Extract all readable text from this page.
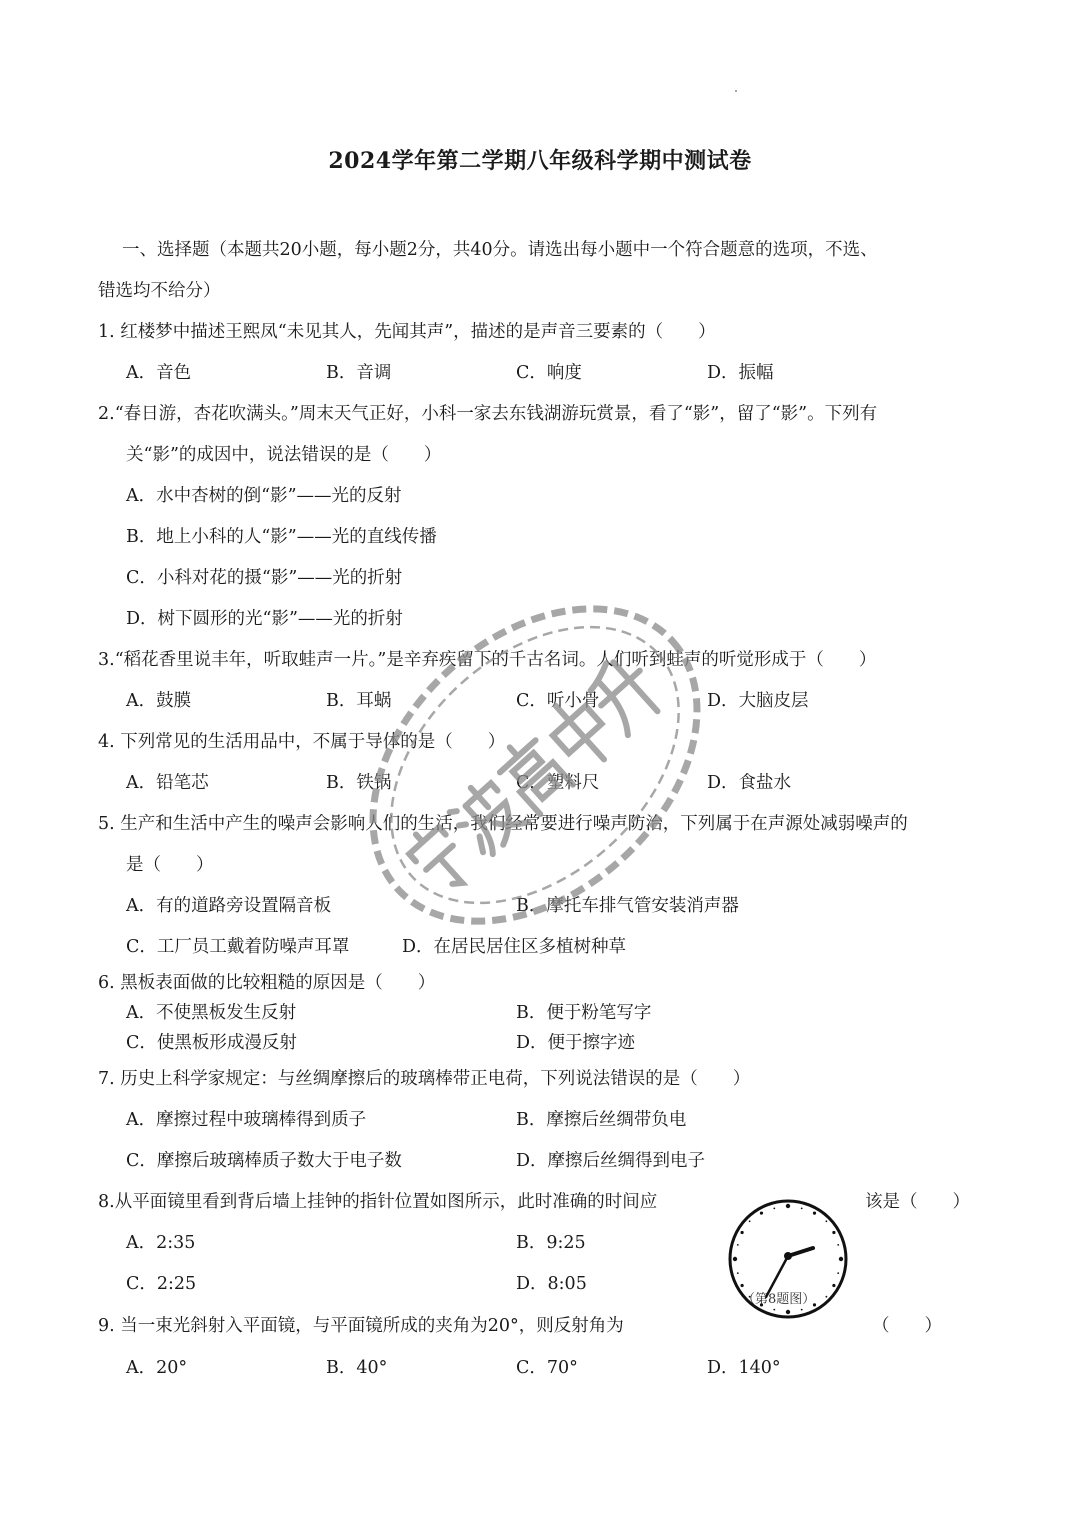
2024学年第二学期八年级科学期中测试卷
一、选择题（本题共20小题，每小题2分，共40分。请选出每小题中一个符合题意的选项，不选、
错选均不给分）
1. 红楼梦中描述王熙凤“未见其人，先闻其声”，描述的是声音三要素的（　　）
A．音色	B．音调	C．响度	D．振幅
2.“春日游，杏花吹满头。”周末天气正好，小科一家去东钱湖游玩赏景，看了“影”，留了“影”。下列有
关“影”的成因中，说法错误的是（　　）
A．水中杏树的倒“影”——光的反射
B．地上小科的人“影”——光的直线传播
C．小科对花的摄“影”——光的折射
D．树下圆形的光“影”——光的折射
3.“稻花香里说丰年，听取蛙声一片。”是辛弃疾留下的千古名词。人们听到蛙声的听觉形成于（　　）
A．鼓膜	B．耳蜗	C．听小骨	D．大脑皮层
4. 下列常见的生活用品中，不属于导体的是（　　）
A．铅笔芯	B．铁锅	C．塑料尺	D．食盐水
5. 生产和生活中产生的噪声会影响人们的生活，我们经常要进行噪声防治，下列属于在声源处减弱噪声的
是（　　）
A．有的道路旁设置隔音板	B．摩托车排气管安装消声器
C．工厂员工戴着防噪声耳罩	D．在居民居住区多植树种草
6. 黑板表面做的比较粗糙的原因是（　　）
A．不使黑板发生反射	B．便于粉笔写字
C．使黑板形成漫反射	D．便于擦字迹
7. 历史上科学家规定：与丝绸摩擦后的玻璃棒带正电荷，下列说法错误的是（　　）
A．摩擦过程中玻璃棒得到质子	B．摩擦后丝绸带负电
C．摩擦后玻璃棒质子数大于电子数	D．摩擦后丝绸得到电子
8.从平面镜里看到背后墙上挂钟的指针位置如图所示，此时准确的时间应	该是（　　）
A．2:35	B．9:25
C．2:25	D．8:05
（第8题图）
9. 当一束光斜射入平面镜，与平面镜所成的夹角为20°，则反射角为	（　　）
A．20°	B．40°	C．70°	D．140°
